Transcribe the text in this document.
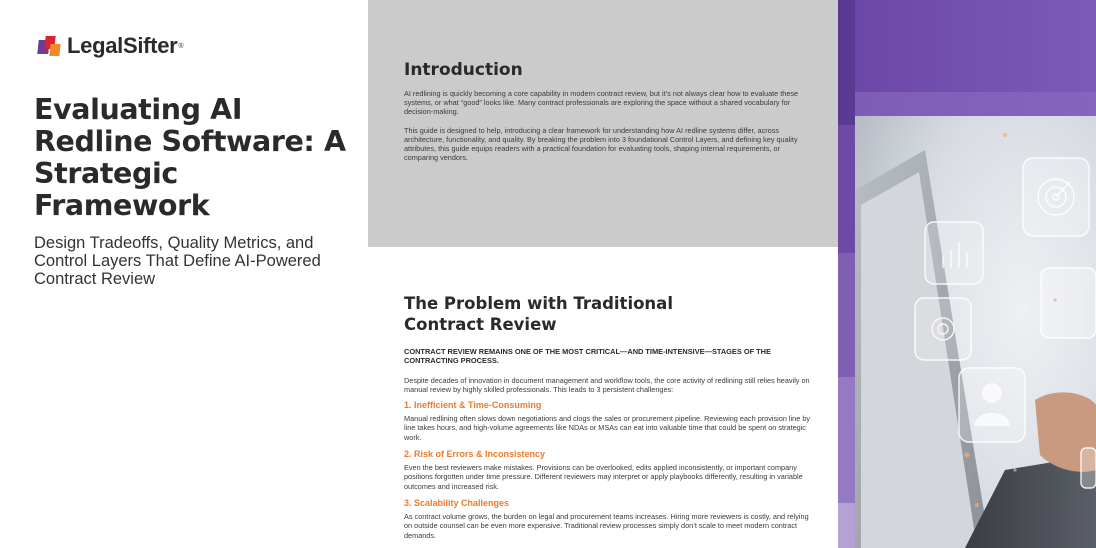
LegalSifter ®
Evaluating AI Redline Software: A Strategic Framework

Design Tradeoffs, Quality Metrics, and Control Layers That Define AI-Powered Contract Review

Introduction

AI redlining is quickly becoming a core capability in modern contract review, but it’s not always clear how to evaluate these systems, or what “good” looks like. Many contract professionals are exploring the space without a shared vocabulary for decision-making.

This guide is designed to help, introducing a clear framework for understanding how AI redline systems differ, across architecture, functionality, and quality. By breaking the problem into 3 foundational Control Layers, and defining key quality attributes, this guide equips readers with a practical foundation for evaluating tools, shaping internal requirements, or comparing vendors.

The Problem with Traditional Contract Review

CONTRACT REVIEW REMAINS ONE OF THE MOST CRITICAL—AND TIME-INTENSIVE—STAGES OF THE CONTRACTING PROCESS.

Despite decades of innovation in document management and workflow tools, the core activity of redlining still relies heavily on manual review by highly skilled professionals. This leads to 3 persistent challenges:

1. Inefficient & Time-Consuming

Manual redlining often slows down negotiations and clogs the sales or procurement pipeline. Reviewing each provision line by line takes hours, and high-volume agreements like NDAs or MSAs can eat into valuable time that could be spent on strategic work.

2. Risk of Errors & Inconsistency

Even the best reviewers make mistakes. Provisions can be overlooked, edits applied inconsistently, or important company positions forgotten under time pressure. Different reviewers may interpret or apply playbooks differently, resulting in variable outcomes and increased risk.

3. Scalability Challenges

As contract volume grows, the burden on legal and procurement teams increases. Hiring more reviewers is costly, and relying on outside counsel can be even more expensive. Traditional review processes simply don’t scale to meet modern contract demands.
